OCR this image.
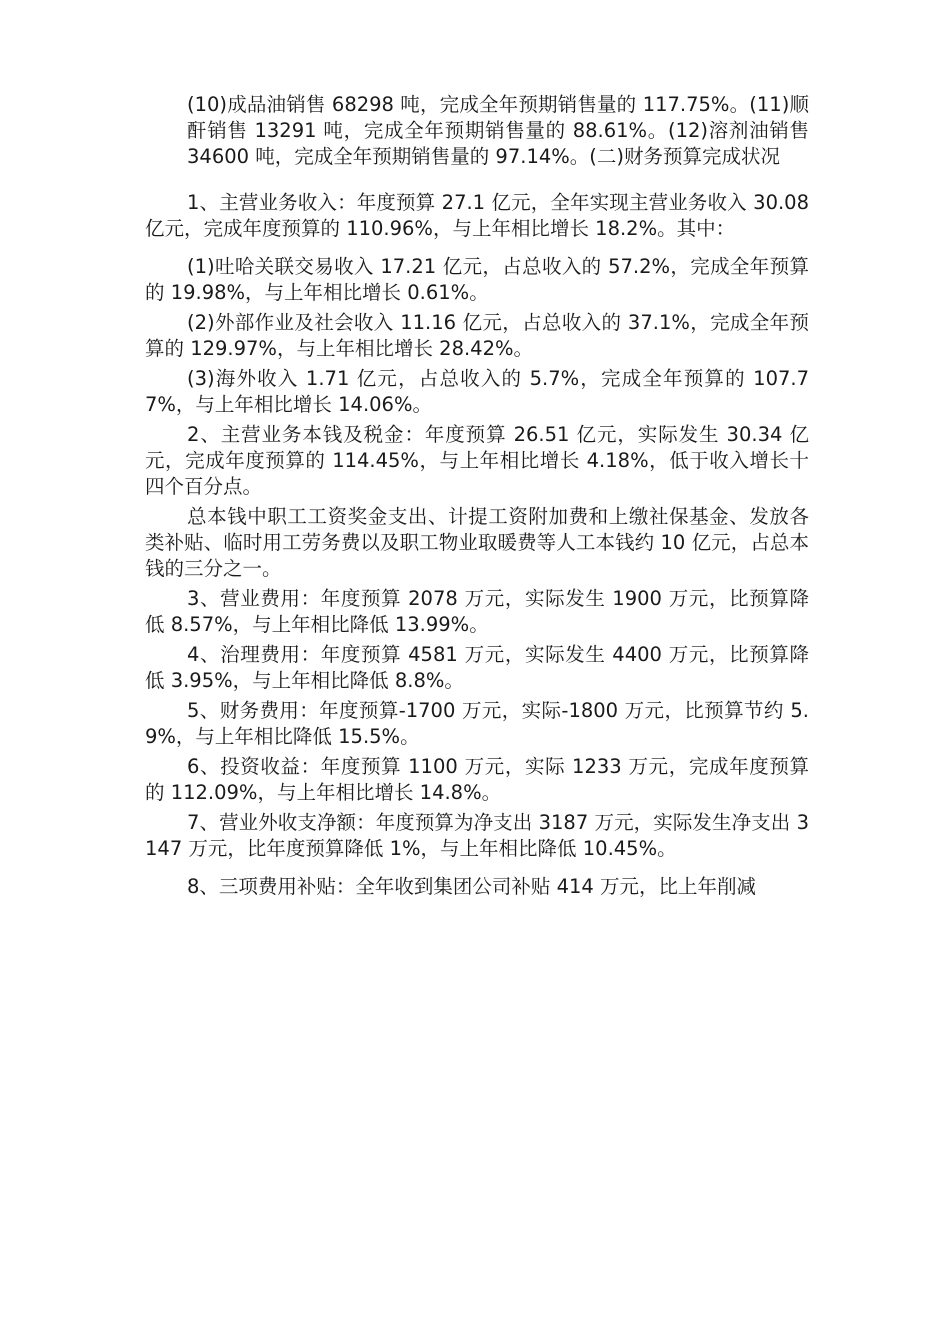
(10)成品油销售 68298 吨，完成全年预期销售量的 117.75%。(11)顺酐销售 13291 吨，完成全年预期销售量的 88.61%。(12)溶剂油销售 34600 吨，完成全年预期销售量的 97.14%。(二)财务预算完成状况

1、主营业务收入：年度预算 27.1 亿元，全年实现主营业务收入 30.08 亿元，完成年度预算的 110.96%，与上年相比增长 18.2%。其中：

(1)吐哈关联交易收入 17.21 亿元，占总收入的 57.2%，完成全年预算的 19.98%，与上年相比增长 0.61%。

(2)外部作业及社会收入 11.16 亿元，占总收入的 37.1%，完成全年预算的 129.97%，与上年相比增长 28.42%。

(3)海外收入 1.71 亿元，占总收入的 5.7%，完成全年预算的 107.77%，与上年相比增长 14.06%。

2、主营业务本钱及税金：年度预算 26.51 亿元，实际发生 30.34 亿元，完成年度预算的 114.45%，与上年相比增长 4.18%，低于收入增长十四个百分点。

总本钱中职工工资奖金支出、计提工资附加费和上缴社保基金、发放各类补贴、临时用工劳务费以及职工物业取暖费等人工本钱约 10 亿元，占总本钱的三分之一。

3、营业费用：年度预算 2078 万元，实际发生 1900 万元，比预算降低 8.57%，与上年相比降低 13.99%。

4、治理费用：年度预算 4581 万元，实际发生 4400 万元，比预算降低 3.95%，与上年相比降低 8.8%。

5、财务费用：年度预算-1700 万元，实际-1800 万元，比预算节约 5.9%，与上年相比降低 15.5%。

6、投资收益：年度预算 1100 万元，实际 1233 万元，完成年度预算的 112.09%，与上年相比增长 14.8%。

7、营业外收支净额：年度预算为净支出 3187 万元，实际发生净支出 3147 万元，比年度预算降低 1%，与上年相比降低 10.45%。

8、三项费用补贴：全年收到集团公司补贴 414 万元，比上年削减
